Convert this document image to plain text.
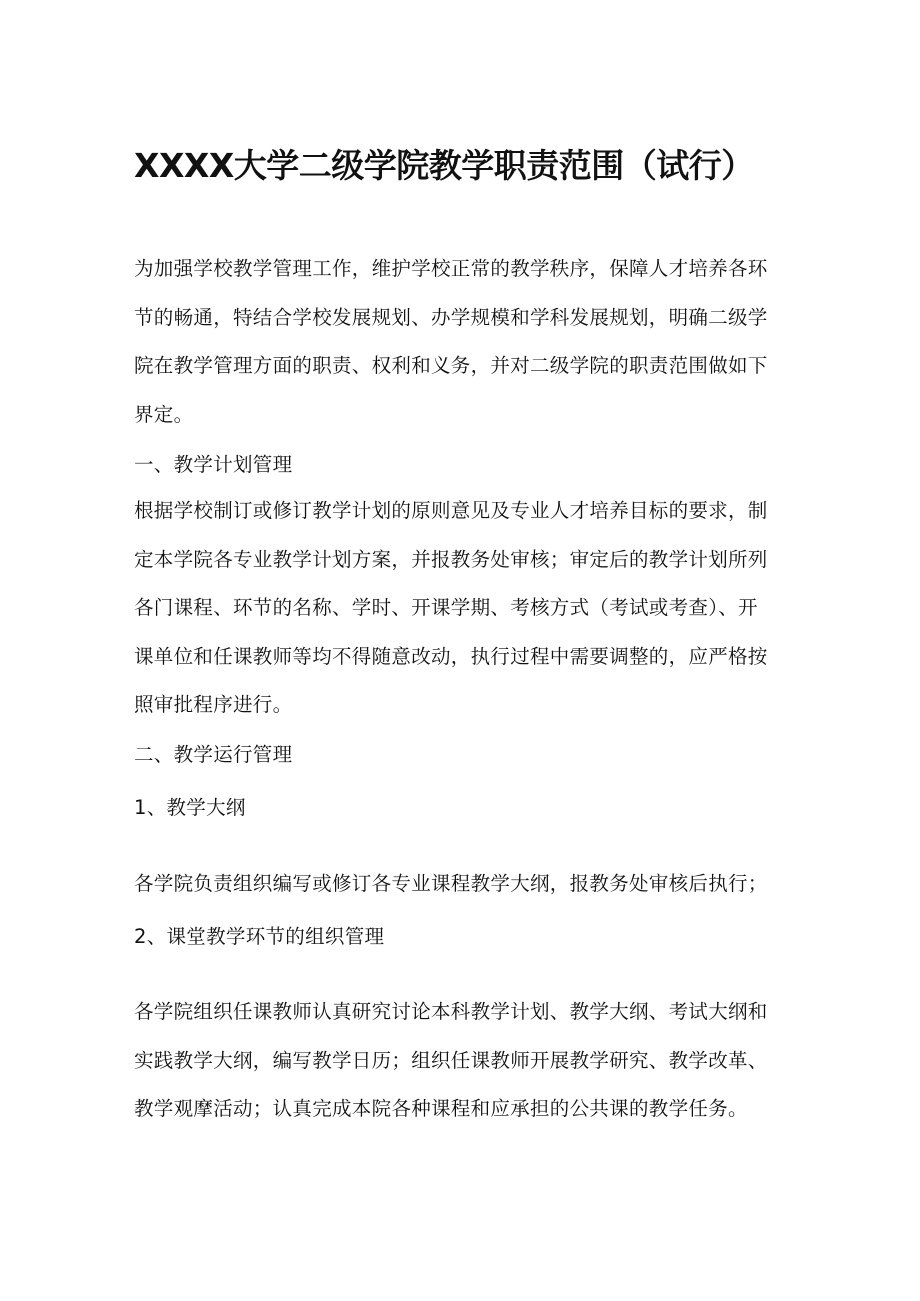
XXXX大学二级学院教学职责范围（试行）
为加强学校教学管理工作，维护学校正常的教学秩序，保障人才培养各环
节的畅通，特结合学校发展规划、办学规模和学科发展规划，明确二级学
院在教学管理方面的职责、权利和义务，并对二级学院的职责范围做如下
界定。
一、教学计划管理
根据学校制订或修订教学计划的原则意见及专业人才培养目标的要求，制
定本学院各专业教学计划方案，并报教务处审核；审定后的教学计划所列
各门课程、环节的名称、学时、开课学期、考核方式（考试或考查）、开
课单位和任课教师等均不得随意改动，执行过程中需要调整的，应严格按
照审批程序进行。
二、教学运行管理
1、教学大纲
各学院负责组织编写或修订各专业课程教学大纲，报教务处审核后执行；
2、课堂教学环节的组织管理
各学院组织任课教师认真研究讨论本科教学计划、教学大纲、考试大纲和
实践教学大纲，编写教学日历；组织任课教师开展教学研究、教学改革、
教学观摩活动；认真完成本院各种课程和应承担的公共课的教学任务。
